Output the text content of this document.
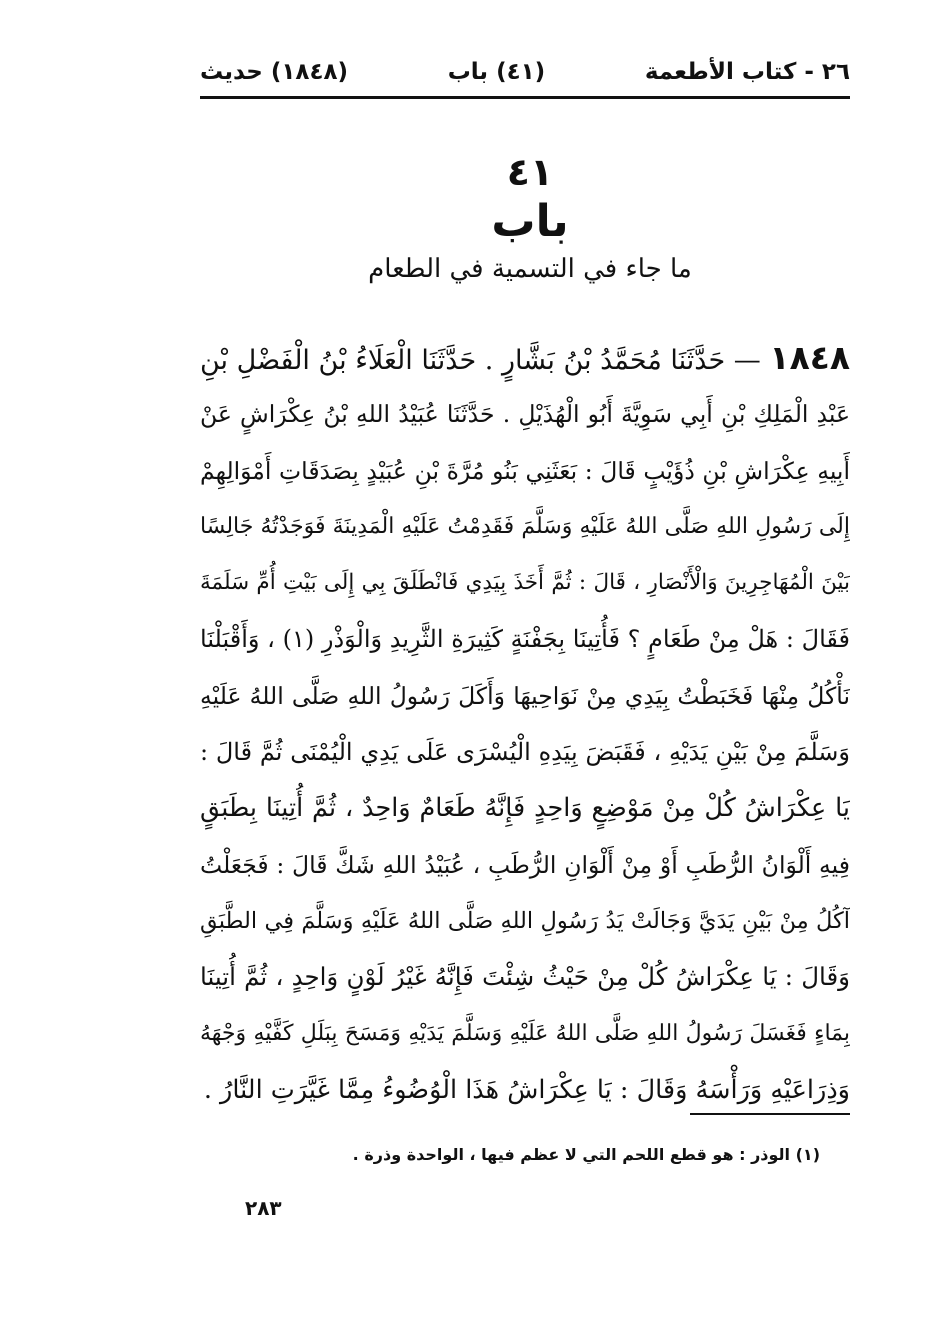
٢٦ - كتاب الأطعمة
(٤١) باب
(١٨٤٨) حديث
٤١
باب
ما جاء في التسمية في الطعام
١٨٤٨ — حَدَّثَنَا مُحَمَّدُ بْنُ بَشَّارٍ . حَدَّثَنَا الْعَلَاءُ بْنُ الْفَضْلِ بْنِ
عَبْدِ الْمَلِكِ بْنِ أَبِي سَوِيَّةَ أَبُو الْهُذَيْلِ . حَدَّثَنَا عُبَيْدُ اللهِ بْنُ عِكْرَاشٍ عَنْ
أَبِيهِ عِكْرَاشِ بْنِ ذُؤَيْبٍ قَالَ : بَعَثَنِي بَنُو مُرَّةَ بْنِ عُبَيْدٍ بِصَدَقَاتِ أَمْوَالِهِمْ
إِلَى رَسُولِ اللهِ صَلَّى اللهُ عَلَيْهِ وَسَلَّمَ فَقَدِمْتُ عَلَيْهِ الْمَدِينَةَ فَوَجَدْتُهُ جَالِسًا
بَيْنَ الْمُهَاجِرِينَ وَالْأَنْصَارِ ، قَالَ : ثُمَّ أَخَذَ بِيَدِي فَانْطَلَقَ بِي إِلَى بَيْتِ أُمِّ سَلَمَةَ
فَقَالَ : هَلْ مِنْ طَعَامٍ ؟ فَأُتِينَا بِجَفْنَةٍ كَثِيرَةِ الثَّرِيدِ وَالْوَذْرِ (١) ، وَأَقْبَلْنَا
نَأْكُلُ مِنْهَا فَخَبَطْتُ بِيَدِي مِنْ نَوَاحِيهَا وَأَكَلَ رَسُولُ اللهِ صَلَّى اللهُ عَلَيْهِ
وَسَلَّمَ مِنْ بَيْنِ يَدَيْهِ ، فَقَبَضَ بِيَدِهِ الْيُسْرَى عَلَى يَدِي الْيُمْنَى ثُمَّ قَالَ :
يَا عِكْرَاشُ كُلْ مِنْ مَوْضِعٍ وَاحِدٍ فَإِنَّهُ طَعَامٌ وَاحِدٌ ، ثُمَّ أُتِينَا بِطَبَقٍ
فِيهِ أَلْوَانُ الرُّطَبِ أَوْ مِنْ أَلْوَانِ الرُّطَبِ ، عُبَيْدُ اللهِ شَكَّ قَالَ : فَجَعَلْتُ
آكُلُ مِنْ بَيْنِ يَدَيَّ وَجَالَتْ يَدُ رَسُولِ اللهِ صَلَّى اللهُ عَلَيْهِ وَسَلَّمَ فِي الطَّبَقِ
وَقَالَ : يَا عِكْرَاشُ كُلْ مِنْ حَيْثُ شِئْتَ فَإِنَّهُ غَيْرُ لَوْنٍ وَاحِدٍ ، ثُمَّ أُتِينَا
بِمَاءٍ فَغَسَلَ رَسُولُ اللهِ صَلَّى اللهُ عَلَيْهِ وَسَلَّمَ يَدَيْهِ وَمَسَحَ بِبَلَلِ كَفَّيْهِ وَجْهَهُ
وَذِرَاعَيْهِ وَرَأْسَهُ وَقَالَ : يَا عِكْرَاشُ هَذَا الْوُضُوءُ مِمَّا غَيَّرَتِ النَّارُ .
(١) الوذر : هو قطع اللحم التي لا عظم فيها ، الواحدة وذرة .
٢٨٣
